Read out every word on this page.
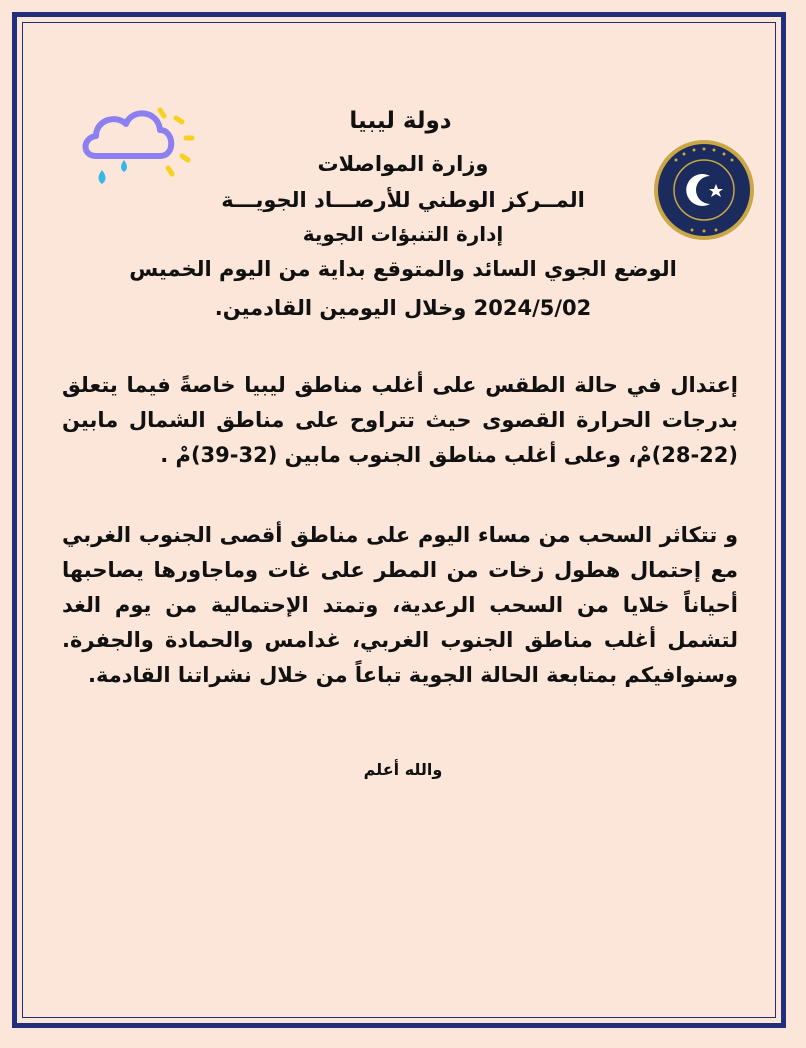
دولة ليبيا
وزارة المواصلات
المــركز الوطني للأرصـــاد الجويـــة
إدارة التنبؤات الجوية
الوضع الجوي السائد والمتوقع بداية من اليوم الخميس
2024/5/02 وخلال اليومين القادمين.
إعتدال في حالة الطقس على أغلب مناطق ليبيا خاصةً فيما يتعلق بدرجات الحرارة القصوى حيث تتراوح على مناطق الشمال مابين (22-28)مْ، وعلى أغلب مناطق الجنوب مابين (32-39)مْ .
و تتكاثر السحب من مساء اليوم على مناطق أقصى الجنوب الغربي مع إحتمال هطول زخات من المطر على غات وماجاورها يصاحبها أحياناً خلايا من السحب الرعدية، وتمتد الإحتمالية من يوم الغد لتشمل أغلب مناطق الجنوب الغربي، غدامس والحمادة والجفرة. وسنوافيكم بمتابعة الحالة الجوية تباعاً من خلال نشراتنا القادمة.
والله أعلم
